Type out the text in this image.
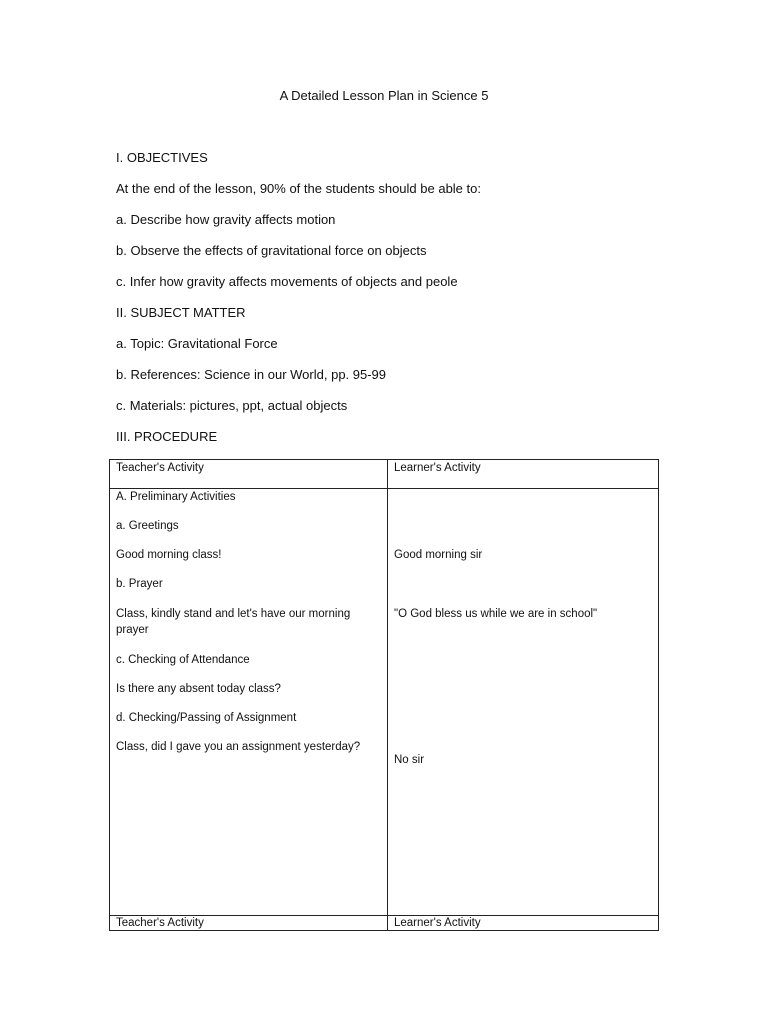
A Detailed Lesson Plan in Science 5
I. OBJECTIVES
At the end of the lesson, 90% of the students should be able to:
a. Describe how gravity affects motion
b. Observe the effects of gravitational force on objects
c. Infer how gravity affects movements of objects and peole
II. SUBJECT MATTER
a. Topic: Gravitational Force
b. References: Science in our World, pp. 95-99
c. Materials: pictures, ppt, actual objects
III. PROCEDURE
Teacher's Activity	Learner's Activity
A. Preliminary Activities
a. Greetings
Good morning class!
b. Prayer
Class, kindly stand and let's have our morning prayer
c. Checking of Attendance
Is there any absent today class?
d. Checking/Passing of Assignment
Class, did I gave you an assignment yesterday?
Good morning sir
"O God bless us while we are in school"
No sir
Teacher's Activity	Learner's Activity
